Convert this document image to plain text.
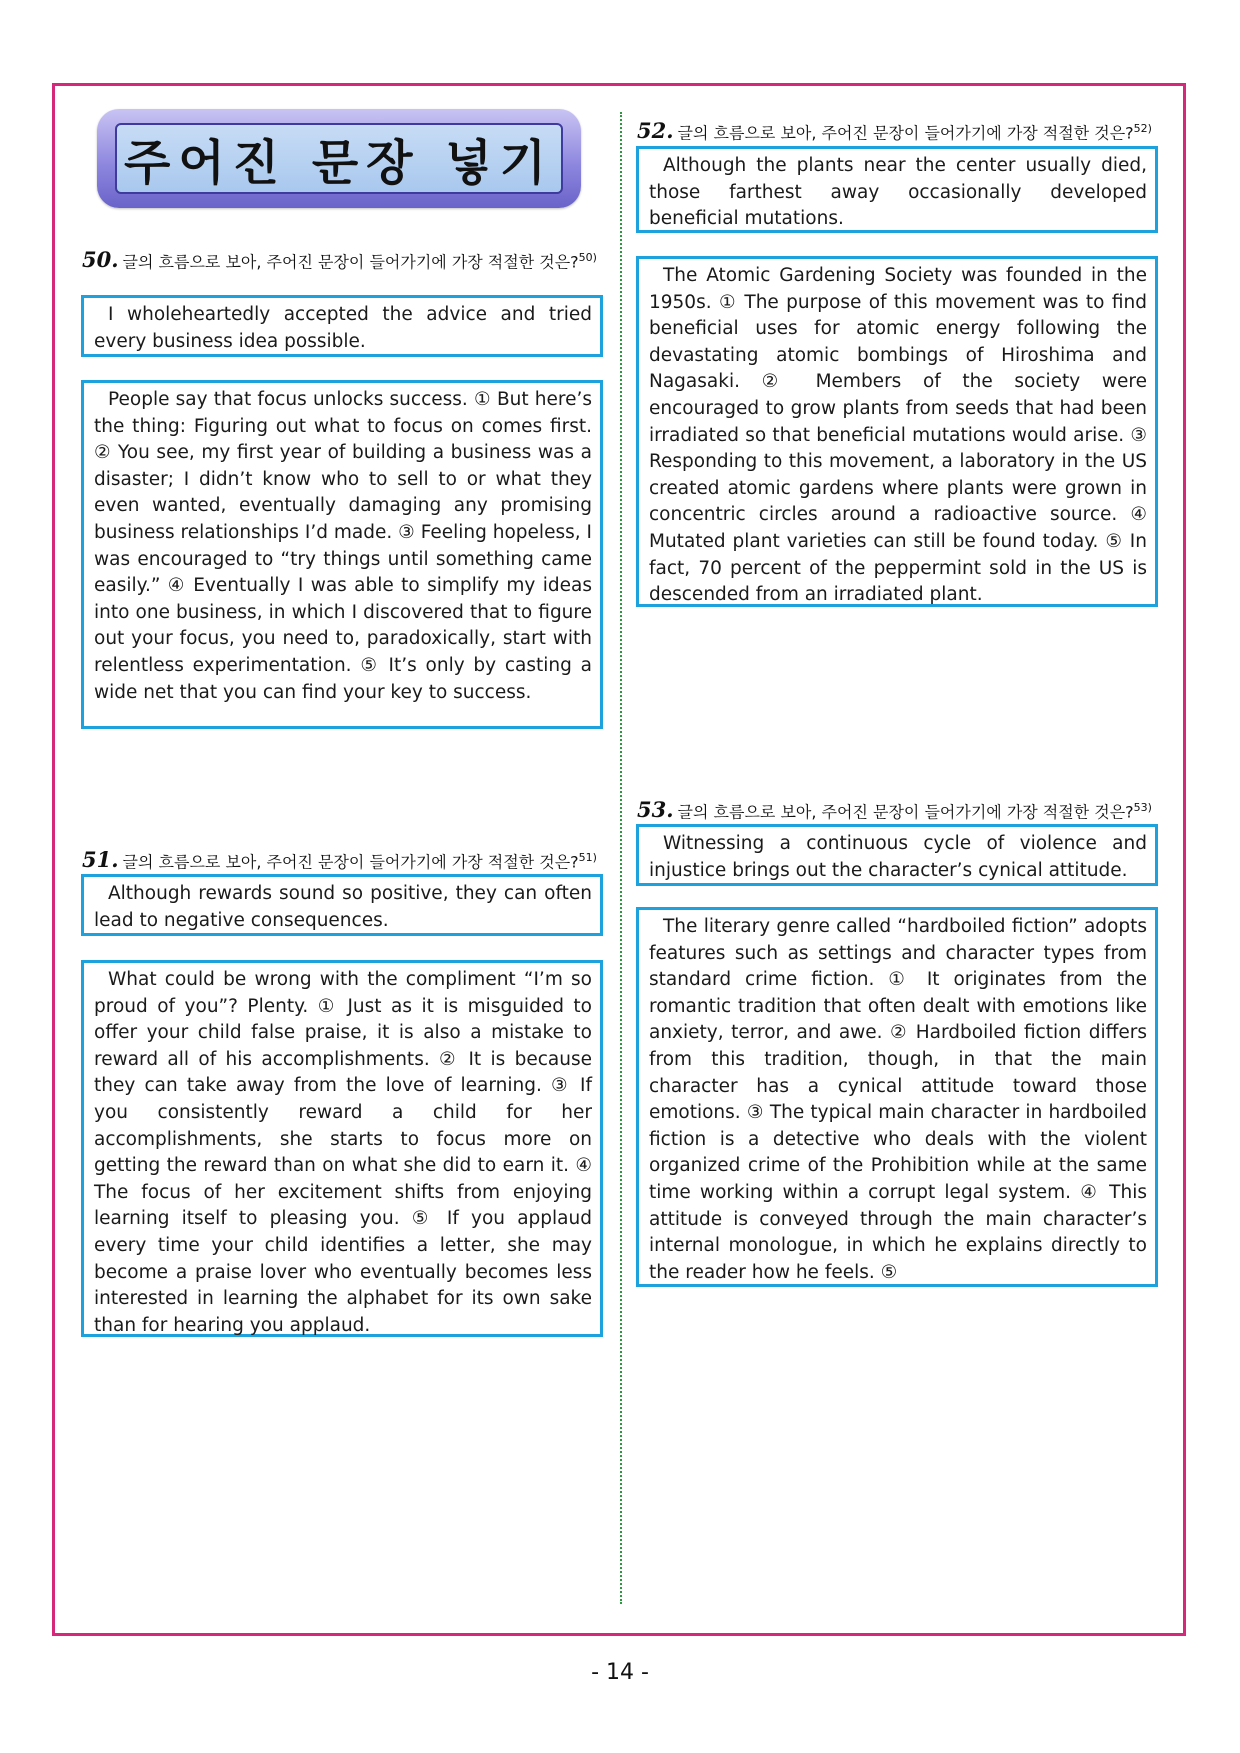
주어진 문장 넣기
50. 글의 흐름으로 보아, 주어진 문장이 들어가기에 가장 적절한 것은?$^{50)}$

I wholeheartedly accepted the advice and tried every business idea possible.

People say that focus unlocks success. ① But here’s the thing: Figuring out what to focus on comes first. ② You see, my first year of building a business was a disaster; I didn’t know who to sell to or what they even wanted, eventually damaging any promising business relationships I’d made. ③ Feeling hopeless, I was encouraged to “try things until something came easily.” ④ Eventually I was able to simplify my ideas into one business, in which I discovered that to figure out your focus, you need to, paradoxically, start with relentless experimentation. ⑤ It’s only by casting a wide net that you can find your key to success.

51. 글의 흐름으로 보아, 주어진 문장이 들어가기에 가장 적절한 것은?$^{51)}$

Although rewards sound so positive, they can often lead to negative consequences.

What could be wrong with the compliment “I’m so proud of you”? Plenty. ① Just as it is misguided to offer your child false praise, it is also a mistake to reward all of his accomplishments. ② It is because they can take away from the love of learning. ③ If you consistently reward a child for her accomplishments, she starts to focus more on getting the reward than on what she did to earn it. ④ The focus of her excitement shifts from enjoying learning itself to pleasing you. ⑤ If you applaud every time your child identifies a letter, she may become a praise lover who eventually becomes less interested in learning the alphabet for its own sake than for hearing you applaud.

52. 글의 흐름으로 보아, 주어진 문장이 들어가기에 가장 적절한 것은?$^{52)}$

Although the plants near the center usually died, those farthest away occasionally developed beneficial mutations.

The Atomic Gardening Society was founded in the 1950s. ① The purpose of this movement was to find beneficial uses for atomic energy following the devastating atomic bombings of Hiroshima and Nagasaki. ② Members of the society were encouraged to grow plants from seeds that had been irradiated so that beneficial mutations would arise. ③ Responding to this movement, a laboratory in the US created atomic gardens where plants were grown in concentric circles around a radioactive source. ④ Mutated plant varieties can still be found today. ⑤ In fact, 70 percent of the peppermint sold in the US is descended from an irradiated plant.

53. 글의 흐름으로 보아, 주어진 문장이 들어가기에 가장 적절한 것은?$^{53)}$

Witnessing a continuous cycle of violence and injustice brings out the character’s cynical attitude.

The literary genre called “hardboiled fiction” adopts features such as settings and character types from standard crime fiction. ① It originates from the romantic tradition that often dealt with emotions like anxiety, terror, and awe. ② Hardboiled fiction differs from this tradition, though, in that the main character has a cynical attitude toward those emotions. ③ The typical main character in hardboiled fiction is a detective who deals with the violent organized crime of the Prohibition while at the same time working within a corrupt legal system. ④ This attitude is conveyed through the main character’s internal monologue, in which he explains directly to the reader how he feels. ⑤

- 14 -
